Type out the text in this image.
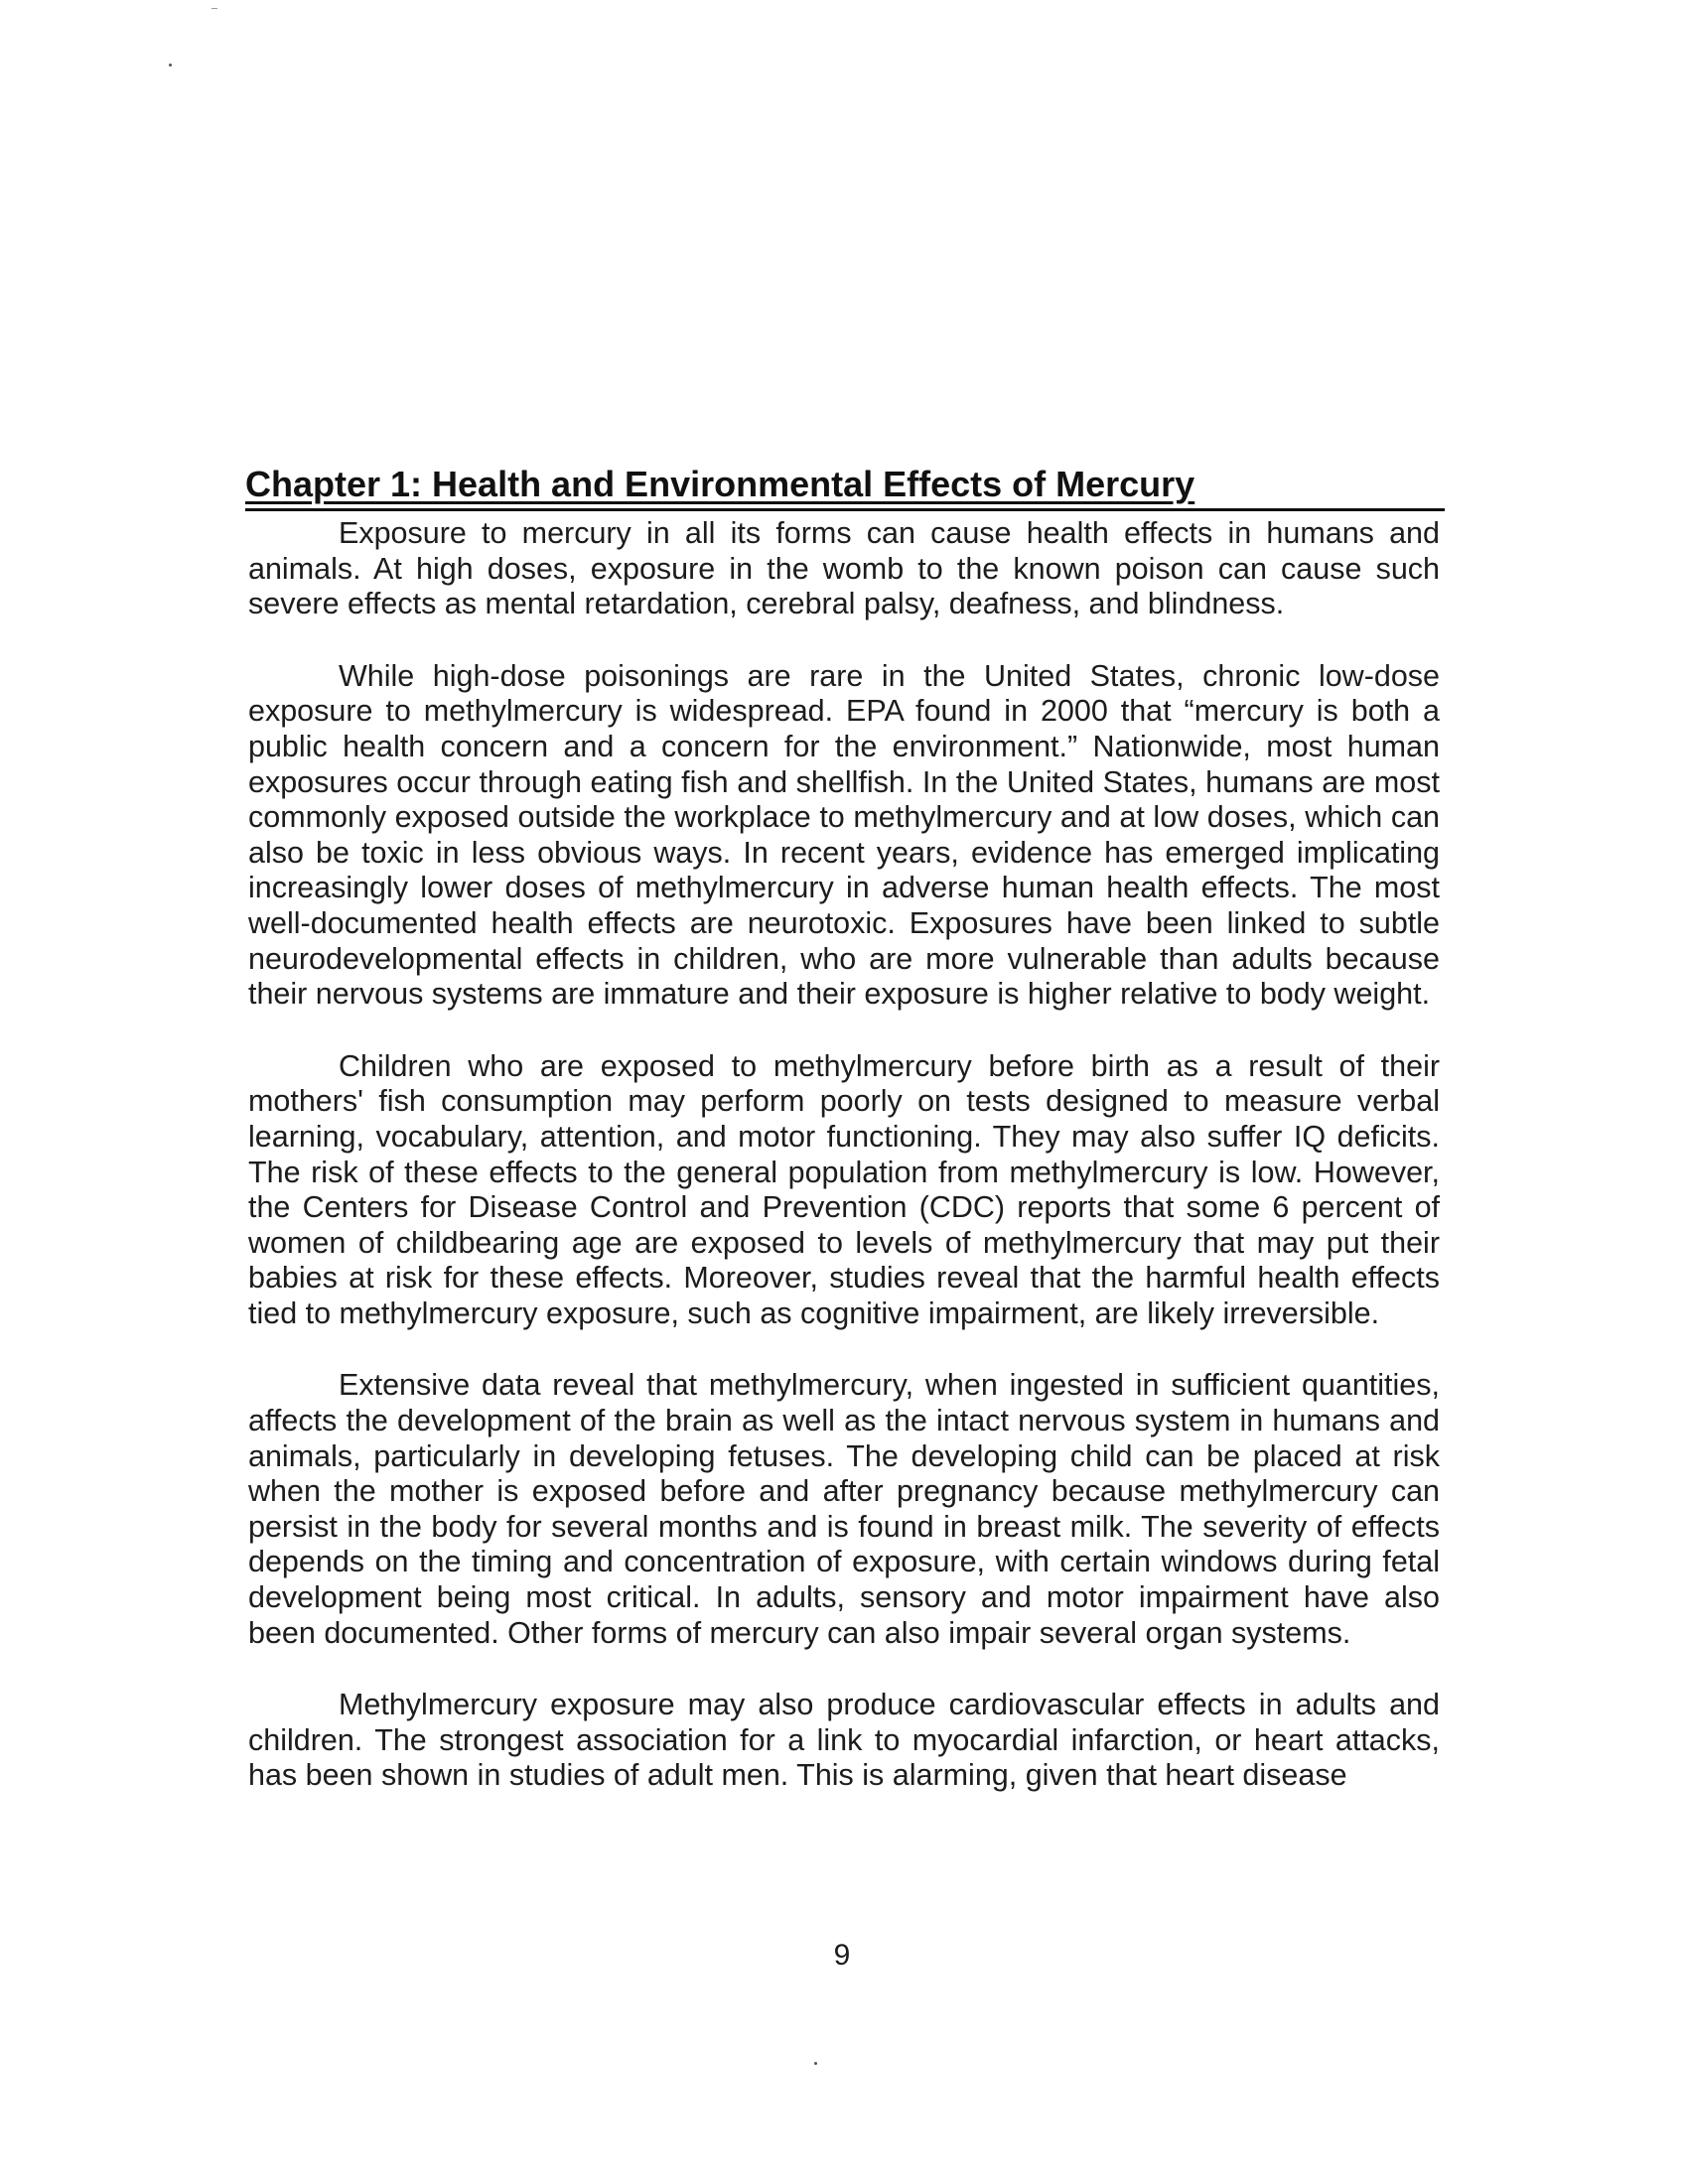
Chapter 1: Health and Environmental Effects of Mercury

Exposure to mercury in all its forms can cause health effects in humans and animals. At high doses, exposure in the womb to the known poison can cause such severe effects as mental retardation, cerebral palsy, deafness, and blindness.

While high-dose poisonings are rare in the United States, chronic low-dose exposure to methylmercury is widespread. EPA found in 2000 that “mercury is both a public health concern and a concern for the environment.” Nationwide, most human exposures occur through eating fish and shellfish. In the United States, humans are most commonly exposed outside the workplace to methylmercury and at low doses, which can also be toxic in less obvious ways. In recent years, evidence has emerged implicating increasingly lower doses of methylmercury in adverse human health effects. The most well-documented health effects are neurotoxic. Exposures have been linked to subtle neurodevelopmental effects in children, who are more vulnerable than adults because their nervous systems are immature and their exposure is higher relative to body weight.

Children who are exposed to methylmercury before birth as a result of their mothers' fish consumption may perform poorly on tests designed to measure verbal learning, vocabulary, attention, and motor functioning. They may also suffer IQ deficits. The risk of these effects to the general population from methylmercury is low. However, the Centers for Disease Control and Prevention (CDC) reports that some 6 percent of women of childbearing age are exposed to levels of methylmercury that may put their babies at risk for these effects. Moreover, studies reveal that the harmful health effects tied to methylmercury exposure, such as cognitive impairment, are likely irreversible.

Extensive data reveal that methylmercury, when ingested in sufficient quantities, affects the development of the brain as well as the intact nervous system in humans and animals, particularly in developing fetuses. The developing child can be placed at risk when the mother is exposed before and after pregnancy because methylmercury can persist in the body for several months and is found in breast milk. The severity of effects depends on the timing and concentration of exposure, with certain windows during fetal development being most critical. In adults, sensory and motor impairment have also been documented. Other forms of mercury can also impair several organ systems.

Methylmercury exposure may also produce cardiovascular effects in adults and children. The strongest association for a link to myocardial infarction, or heart attacks, has been shown in studies of adult men. This is alarming, given that heart disease

9
